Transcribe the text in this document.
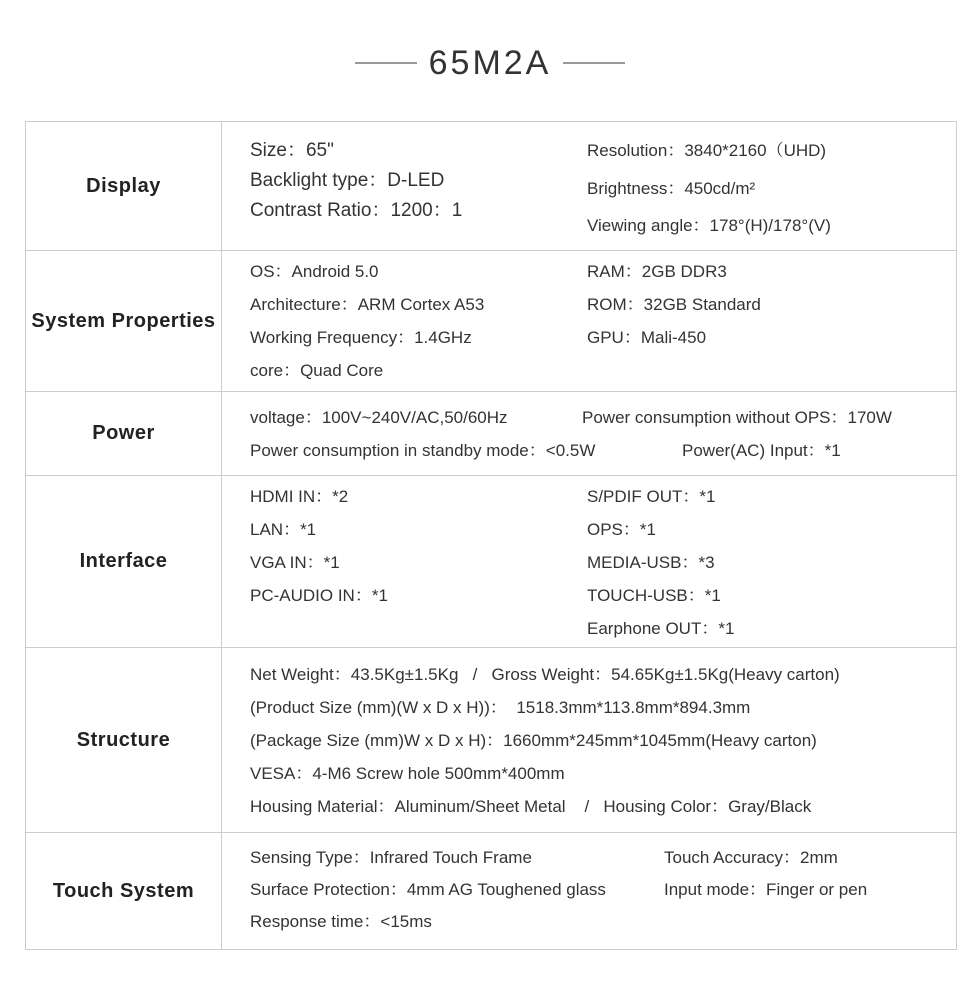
65M2A
Display
Size：65"
Backlight type：D-LED
Contrast Ratio：1200：1
Resolution：3840*2160（UHD)
Brightness：450cd/m²
Viewing angle：178°(H)/178°(V)
System Properties
OS：Android 5.0
Architecture：ARM Cortex A53
Working Frequency：1.4GHz
core：Quad Core
RAM：2GB DDR3
ROM：32GB Standard
GPU：Mali-450
Power
voltage：100V~240V/AC,50/60Hz	Power consumption without OPS：170W
Power consumption in standby mode：<0.5W	Power(AC) Input：*1
Interface
HDMI IN：*2
LAN：*1
VGA IN：*1
PC-AUDIO IN：*1
S/PDIF OUT：*1
OPS：*1
MEDIA-USB：*3
TOUCH-USB：*1
Earphone OUT：*1
Structure
Net Weight：43.5Kg±1.5Kg   /   Gross Weight：54.65Kg±1.5Kg(Heavy carton)
(Product Size (mm)(W x D x H))：  1518.3mm*113.8mm*894.3mm
(Package Size (mm)W x D x H)：1660mm*245mm*1045mm(Heavy carton)
VESA：4-M6 Screw hole 500mm*400mm
Housing Material：Aluminum/Sheet Metal    /   Housing Color：Gray/Black
Touch System
Sensing Type：Infrared Touch Frame
Surface Protection：4mm AG Toughened glass
Response time：<15ms
Touch Accuracy：2mm
Input mode：Finger or pen
